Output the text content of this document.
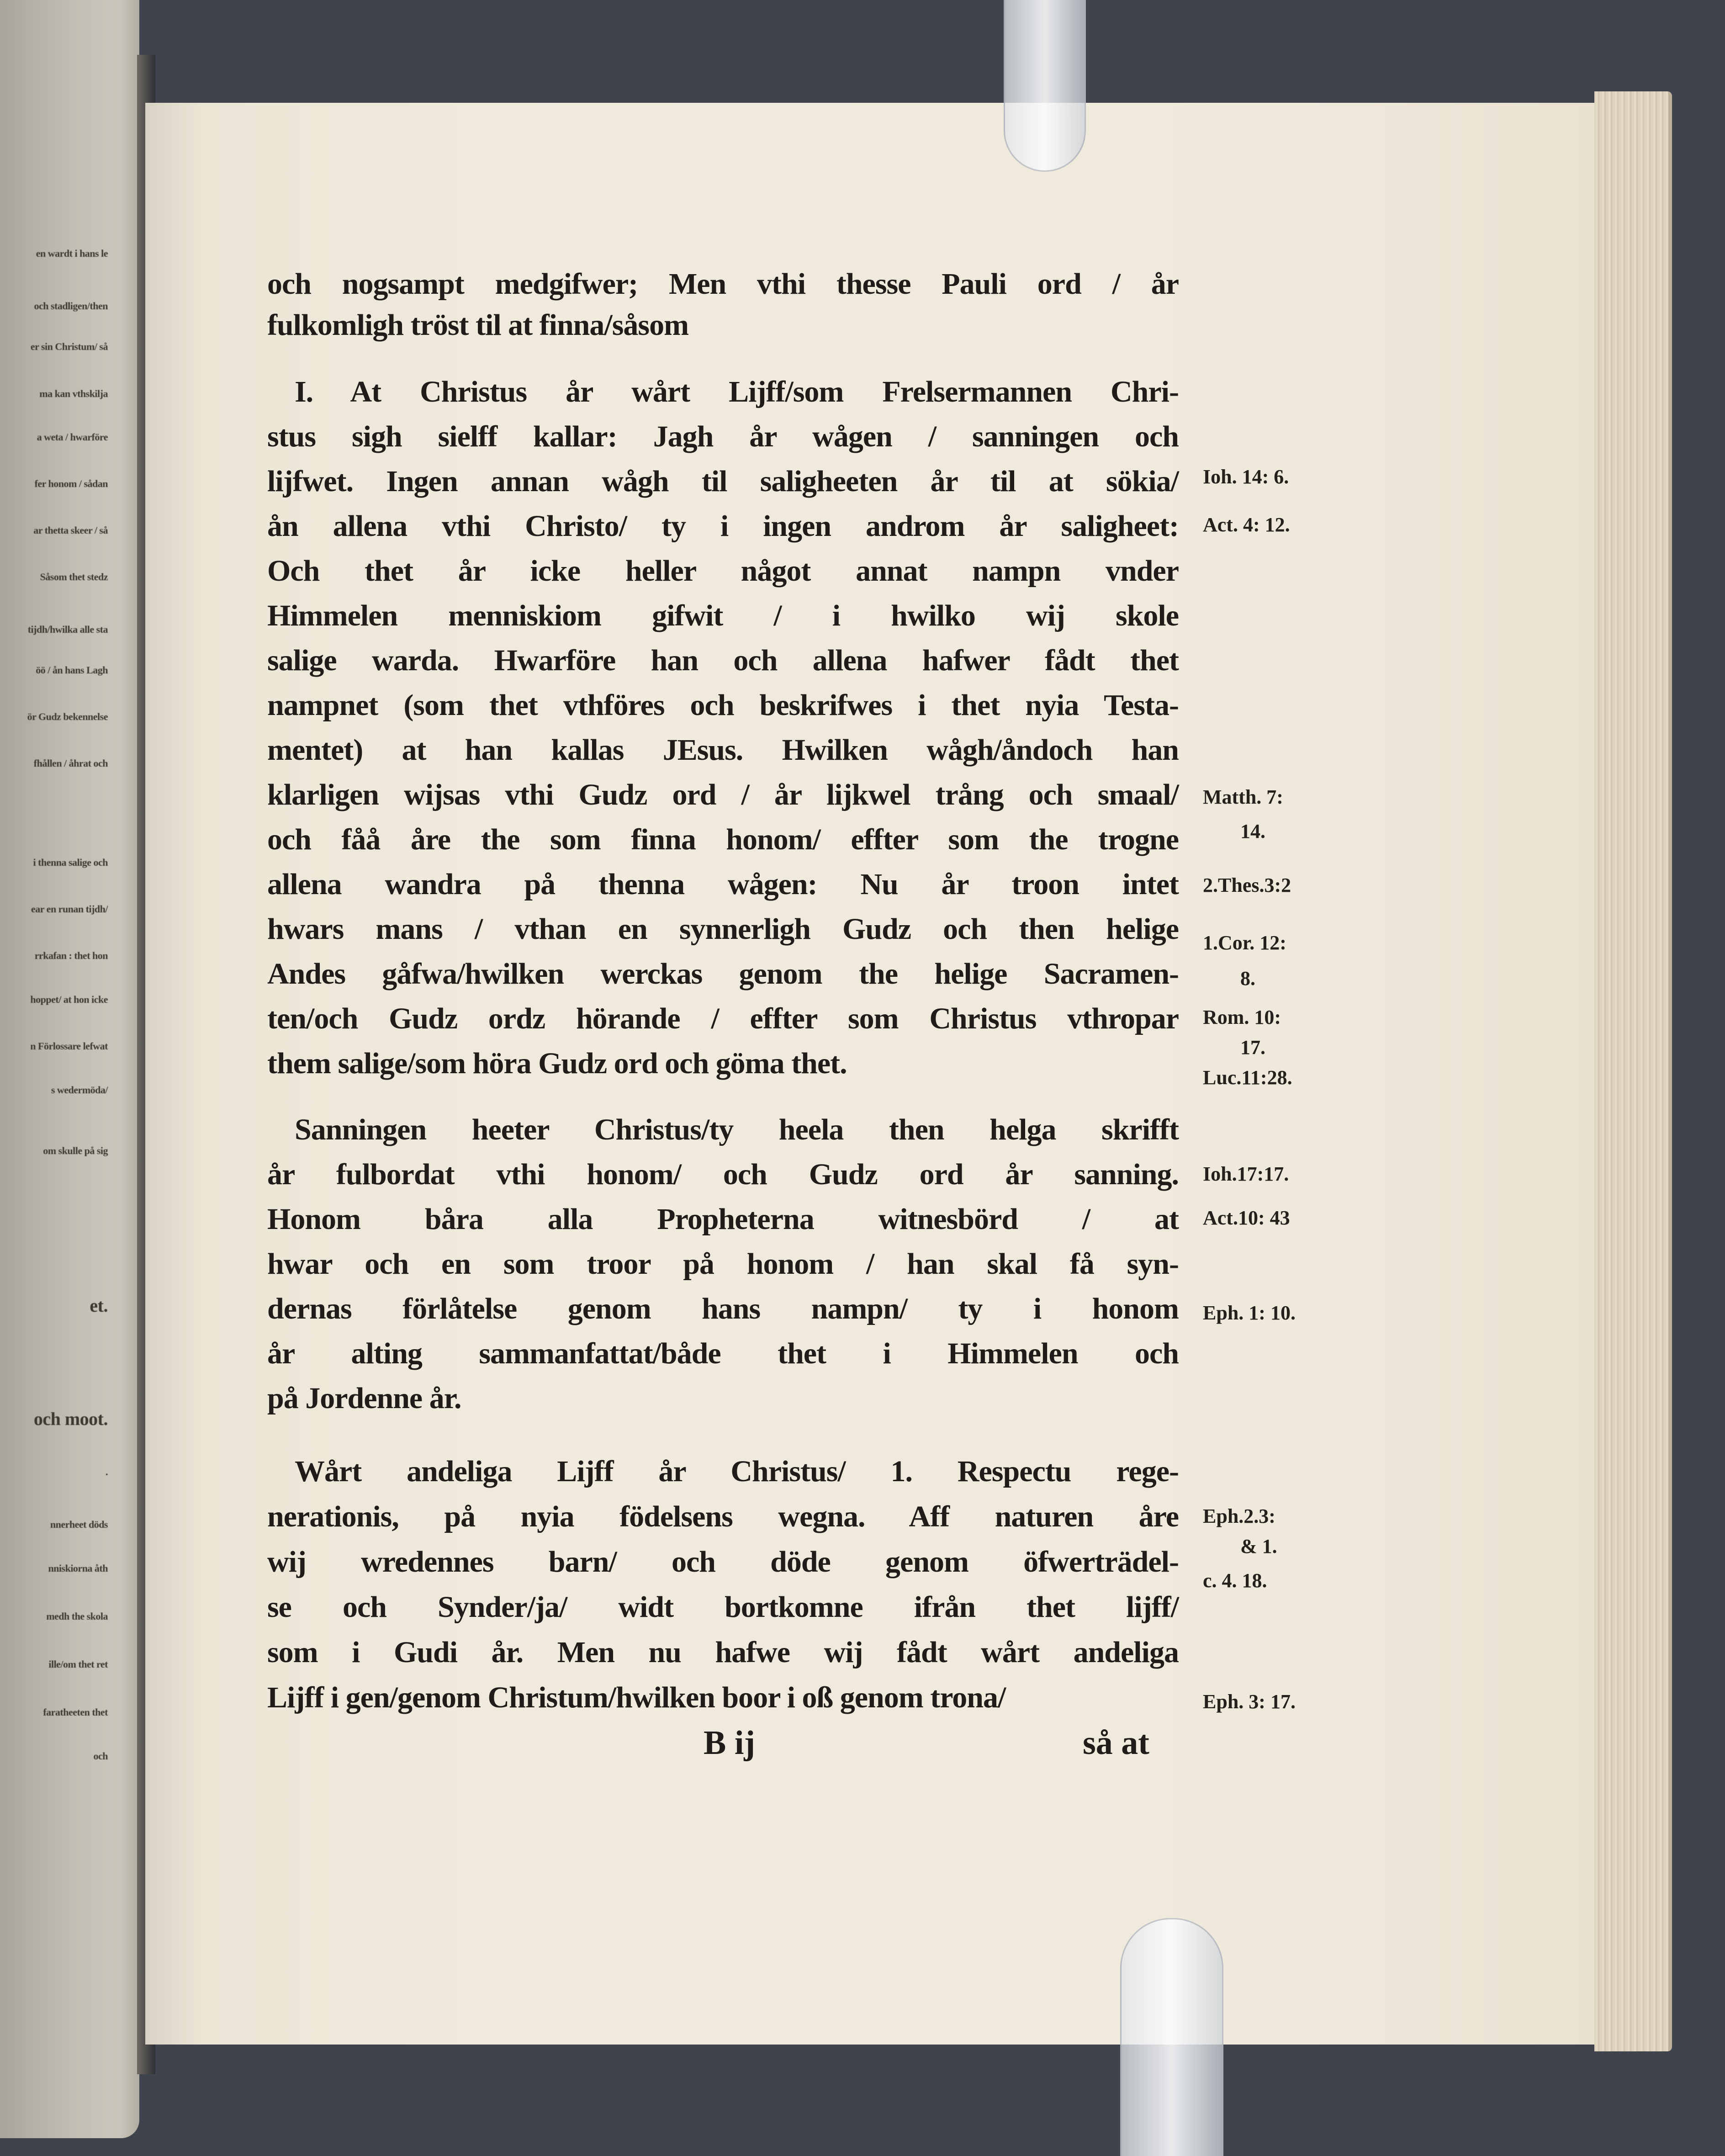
en wardt i hans le
och stadligen/then
er sin Christum/ så
ma kan vthskilja
a weta / hwarföre
fer honom / sådan
ar thetta skeer / så
Såsom thet stedz
tijdh/hwilka alle sta
öö / ån hans Lagh
ör Gudz bekennelse
fhållen / åhrat och
i thenna salige och
ear en runan tijdh/
rrkafan : thet hon
hoppet/ at hon icke
n Förlossare lefwat
s wedermöda/
om skulle på sig
et.
och moot.
.
nnerheet döds
nniskiorna åth
medh the skola
ille/om thet ret
faratheeten thet
och
och nogsampt medgifwer; Men vthi thesse Pauli ord / år
fulkomligh tröst til at finna/såsom
I. At Christus år wårt Lijff/som Frelsermannen Chri-
stus sigh sielff kallar: Jagh år wågen / sanningen och
lijfwet. Ingen annan wågh til saligheeten år til at sökia/
ån allena vthi Christo/ ty i ingen androm år saligheet:
Och thet år icke heller något annat nampn vnder
Himmelen menniskiom gifwit / i hwilko wij skole
salige warda. Hwarföre han och allena hafwer fådt thet
nampnet (som thet vthföres och beskrifwes i thet nyia Testa-
mentet) at han kallas JEsus. Hwilken wågh/åndoch han
klarligen wijsas vthi Gudz ord / år lijkwel trång och smaal/
och fåå åre the som finna honom/ effter som the trogne
allena wandra på thenna wågen: Nu år troon intet
hwars mans / vthan en synnerligh Gudz och then helige
Andes gåfwa/hwilken werckas genom the helige Sacramen-
ten/och Gudz ordz hörande / effter som Christus vthropar
them salige/som höra Gudz ord och göma thet.
Sanningen heeter Christus/ty heela then helga skrifft
år fulbordat vthi honom/ och Gudz ord år sanning.
Honom båra alla Propheterna witnesbörd / at
hwar och en som troor på honom / han skal få syn-
dernas förlåtelse genom hans nampn/ ty i honom
år alting sammanfattat/både thet i Himmelen och
på Jordenne år.
Wårt andeliga Lijff år Christus/ 1. Respectu rege-
nerationis, på nyia födelsens wegna. Aff naturen åre
wij wredennes barn/ och döde genom öfwerträdel-
se och Synder/ja/ widt bortkomne ifrån thet lijff/
som i Gudi år. Men nu hafwe wij fådt wårt andeliga
Lijff i gen/genom Christum/hwilken boor i oß genom trona/
B ij	så at
Ioh. 14: 6.
Act. 4: 12.
Matth. 7:
14.
2.Thes.3:2
1.Cor. 12:
8.
Rom. 10:
17.
Luc.11:28.
Ioh.17:17.
Act.10: 43
Eph. 1: 10.
Eph.2.3:
& 1.
c. 4. 18.
Eph. 3: 17.
